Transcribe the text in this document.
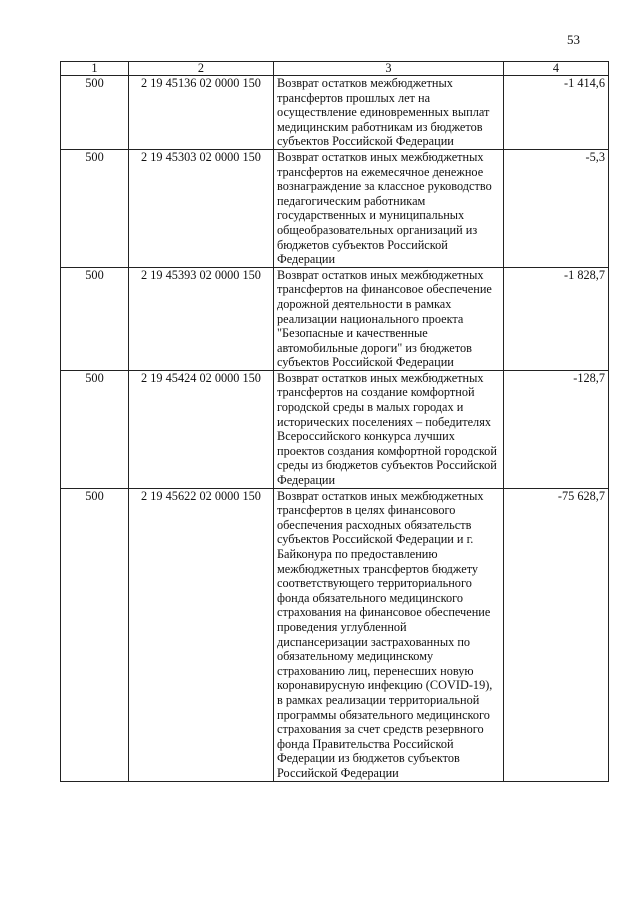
53
1	2	3	4
500	2 19 45136 02 0000 150	Возврат остатков межбюджетных трансфертов прошлых лет на осуществление единовременных выплат медицинским работникам из бюджетов субъектов Российской Федерации	-1 414,6
500	2 19 45303 02 0000 150	Возврат остатков иных межбюджетных трансфертов на ежемесячное денежное вознаграждение за классное руководство педагогическим работникам государственных и муниципальных общеобразовательных организаций из бюджетов субъектов Российской Федерации	-5,3
500	2 19 45393 02 0000 150	Возврат остатков иных межбюджетных трансфертов на финансовое обеспечение дорожной деятельности в рамках реализации национального проекта "Безопасные и качественные автомобильные дороги" из бюджетов субъектов Российской Федерации	-1 828,7
500	2 19 45424 02 0000 150	Возврат остатков иных межбюджетных трансфертов на создание комфортной городской среды в малых городах и исторических поселениях – победителях Всероссийского конкурса лучших проектов создания комфортной городской среды из бюджетов субъектов Российской Федерации	-128,7
500	2 19 45622 02 0000 150	Возврат остатков иных межбюджетных трансфертов в целях финансового обеспечения расходных обязательств субъектов Российской Федерации и г. Байконура по предоставлению межбюджетных трансфертов бюджету соответствующего территориального фонда обязательного медицинского страхования на финансовое обеспечение проведения углубленной диспансеризации застрахованных по обязательному медицинскому страхованию лиц, перенесших новую коронавирусную инфекцию (COVID-19), в рамках реализации территориальной программы обязательного медицинского страхования за счет средств резервного фонда Правительства Российской Федерации из бюджетов субъектов Российской Федерации	-75 628,7
